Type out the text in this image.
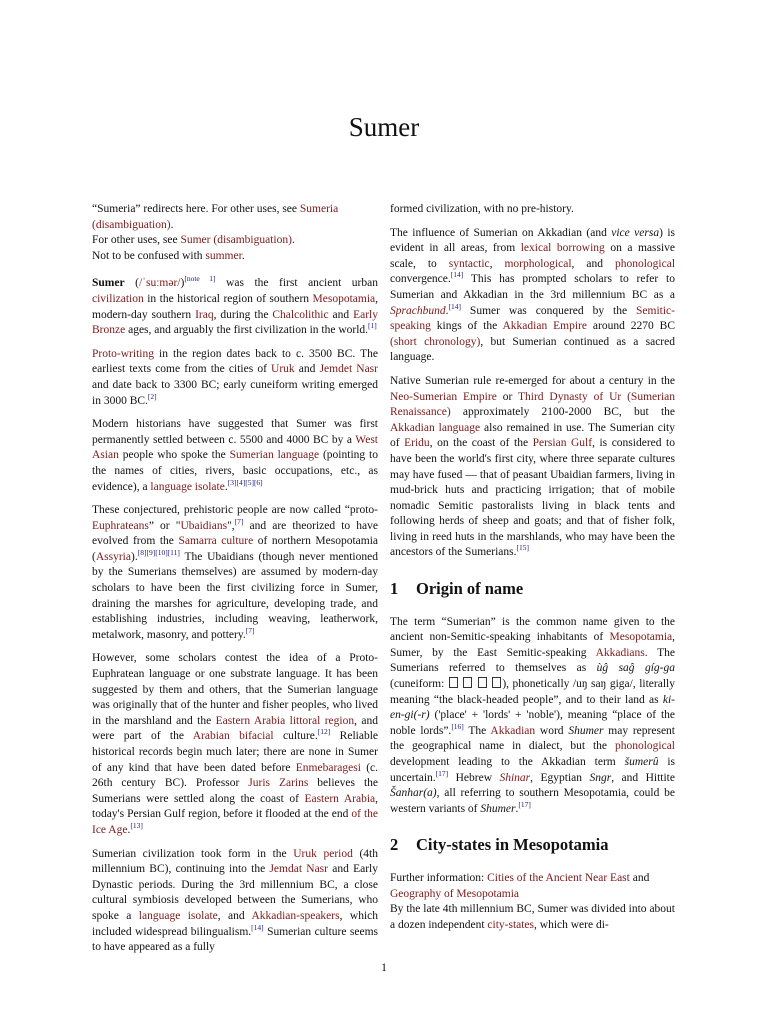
Sumer
“Sumeria” redirects here. For other uses, see Sumeria (disambiguation).
For other uses, see Sumer (disambiguation).
Not to be confused with summer.

Sumer (/ˈsuːmər/)[note 1] was the first ancient urban civilization in the historical region of southern Mesopotamia, modern-day southern Iraq, during the Chalcolithic and Early Bronze ages, and arguably the first civilization in the world.[1]

Proto-writing in the region dates back to c. 3500 BC. The earliest texts come from the cities of Uruk and Jemdet Nasr and date back to 3300 BC; early cuneiform writing emerged in 3000 BC.[2]

Modern historians have suggested that Sumer was first permanently settled between c. 5500 and 4000 BC by a West Asian people who spoke the Sumerian language (pointing to the names of cities, rivers, basic occupations, etc., as evidence), a language isolate.[3][4][5][6]

These conjectured, prehistoric people are now called “proto-Euphrateans” or "Ubaidians",[7] and are theorized to have evolved from the Samarra culture of northern Mesopotamia (Assyria).[8][9][10][11] The Ubaidians (though never mentioned by the Sumerians themselves) are assumed by modern-day scholars to have been the first civilizing force in Sumer, draining the marshes for agriculture, developing trade, and establishing industries, including weaving, leatherwork, metalwork, masonry, and pottery.[7]

However, some scholars contest the idea of a Proto-Euphratean language or one substrate language. It has been suggested by them and others, that the Sumerian language was originally that of the hunter and fisher peoples, who lived in the marshland and the Eastern Arabia littoral region, and were part of the Arabian bifacial culture.[12] Reliable historical records begin much later; there are none in Sumer of any kind that have been dated before Enmebaragesi (c. 26th century BC). Professor Juris Zarins believes the Sumerians were settled along the coast of Eastern Arabia, today's Persian Gulf region, before it flooded at the end of the Ice Age.[13]

Sumerian civilization took form in the Uruk period (4th millennium BC), continuing into the Jemdat Nasr and Early Dynastic periods. During the 3rd millennium BC, a close cultural symbiosis developed between the Sumerians, who spoke a language isolate, and Akkadian-speakers, which included widespread bilingualism.[14] Sumerian culture seems to have appeared as a fully

formed civilization, with no pre-history.

The influence of Sumerian on Akkadian (and vice versa) is evident in all areas, from lexical borrowing on a massive scale, to syntactic, morphological, and phonological convergence.[14] This has prompted scholars to refer to Sumerian and Akkadian in the 3rd millennium BC as a Sprachbund.[14] Sumer was conquered by the Semitic-speaking kings of the Akkadian Empire around 2270 BC (short chronology), but Sumerian continued as a sacred language.

Native Sumerian rule re-emerged for about a century in the Neo-Sumerian Empire or Third Dynasty of Ur (Sumerian Renaissance) approximately 2100-2000 BC, but the Akkadian language also remained in use. The Sumerian city of Eridu, on the coast of the Persian Gulf, is considered to have been the world's first city, where three separate cultures may have fused — that of peasant Ubaidian farmers, living in mud-brick huts and practicing irrigation; that of mobile nomadic Semitic pastoralists living in black tents and following herds of sheep and goats; and that of fisher folk, living in reed huts in the marshlands, who may have been the ancestors of the Sumerians.[15]

1 Origin of name

The term “Sumerian” is the common name given to the ancient non-Semitic-speaking inhabitants of Mesopotamia, Sumer, by the East Semitic-speaking Akkadians. The Sumerians referred to themselves as ùĝ saĝ gíg-ga (cuneiform:	), phonetically /uŋ saŋ giga/, literally meaning “the black-headed people”, and to their land as ki-en-gi(-r) ('place' + 'lords' + 'noble'), meaning “place of the noble lords”.[16] The Akkadian word Shumer may represent the geographical name in dialect, but the phonological development leading to the Akkadian term šumerû is uncertain.[17] Hebrew Shinar, Egyptian Sngr, and Hittite Šanhar(a), all referring to southern Mesopotamia, could be western variants of Shumer.[17]

2 City-states in Mesopotamia

Further information: Cities of the Ancient Near East and Geography of Mesopotamia

By the late 4th millennium BC, Sumer was divided into about a dozen independent city-states, which were di-

1
